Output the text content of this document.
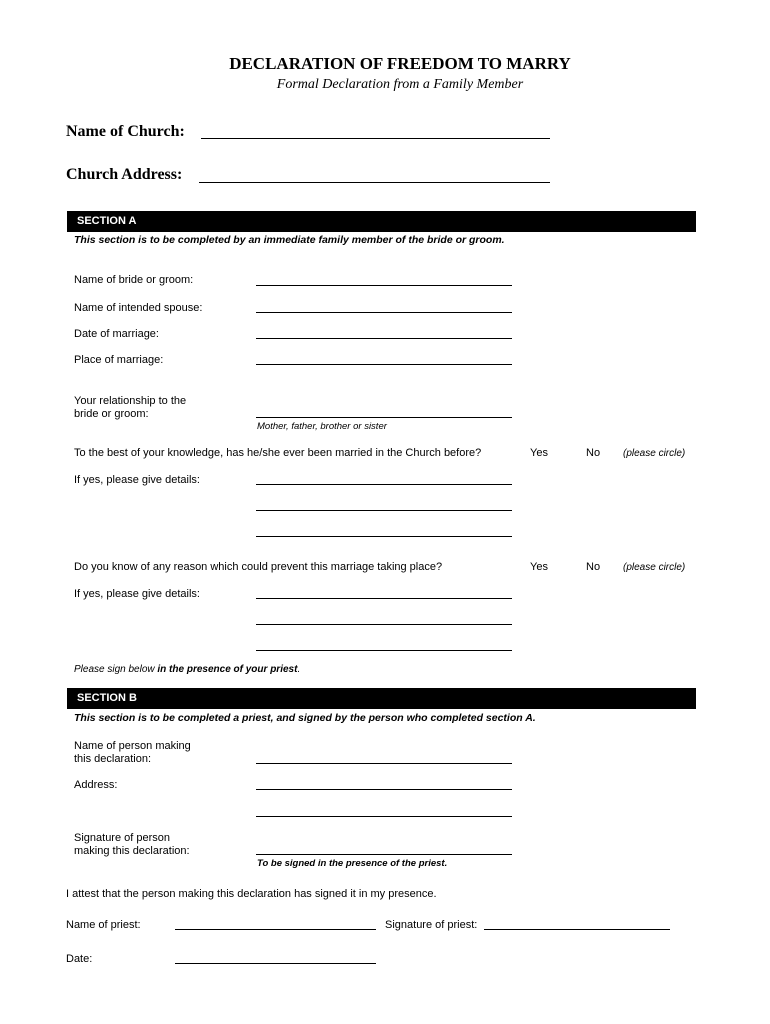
DECLARATION OF FREEDOM TO MARRY
Formal Declaration from a Family Member
Name of Church:
Church Address:
SECTION A
This section is to be completed by an immediate family member of the bride or groom.
Name of bride or groom:
Name of intended spouse:
Date of marriage:
Place of marriage:
Your relationship to the
bride or groom:
Mother, father, brother or sister
To the best of your knowledge, has he/she ever been married in the Church before?	Yes	No (please circle)
If yes, please give details:
Do you know of any reason which could prevent this marriage taking place?	Yes	No (please circle)
If yes, please give details:
Please sign below in the presence of your priest.
SECTION B
This section is to be completed a priest, and signed by the person who completed section A.
Name of person making
this declaration:
Address:
Signature of person
making this declaration:
To be signed in the presence of the priest.
I attest that the person making this declaration has signed it in my presence.
Name of priest:	Signature of priest:
Date:
